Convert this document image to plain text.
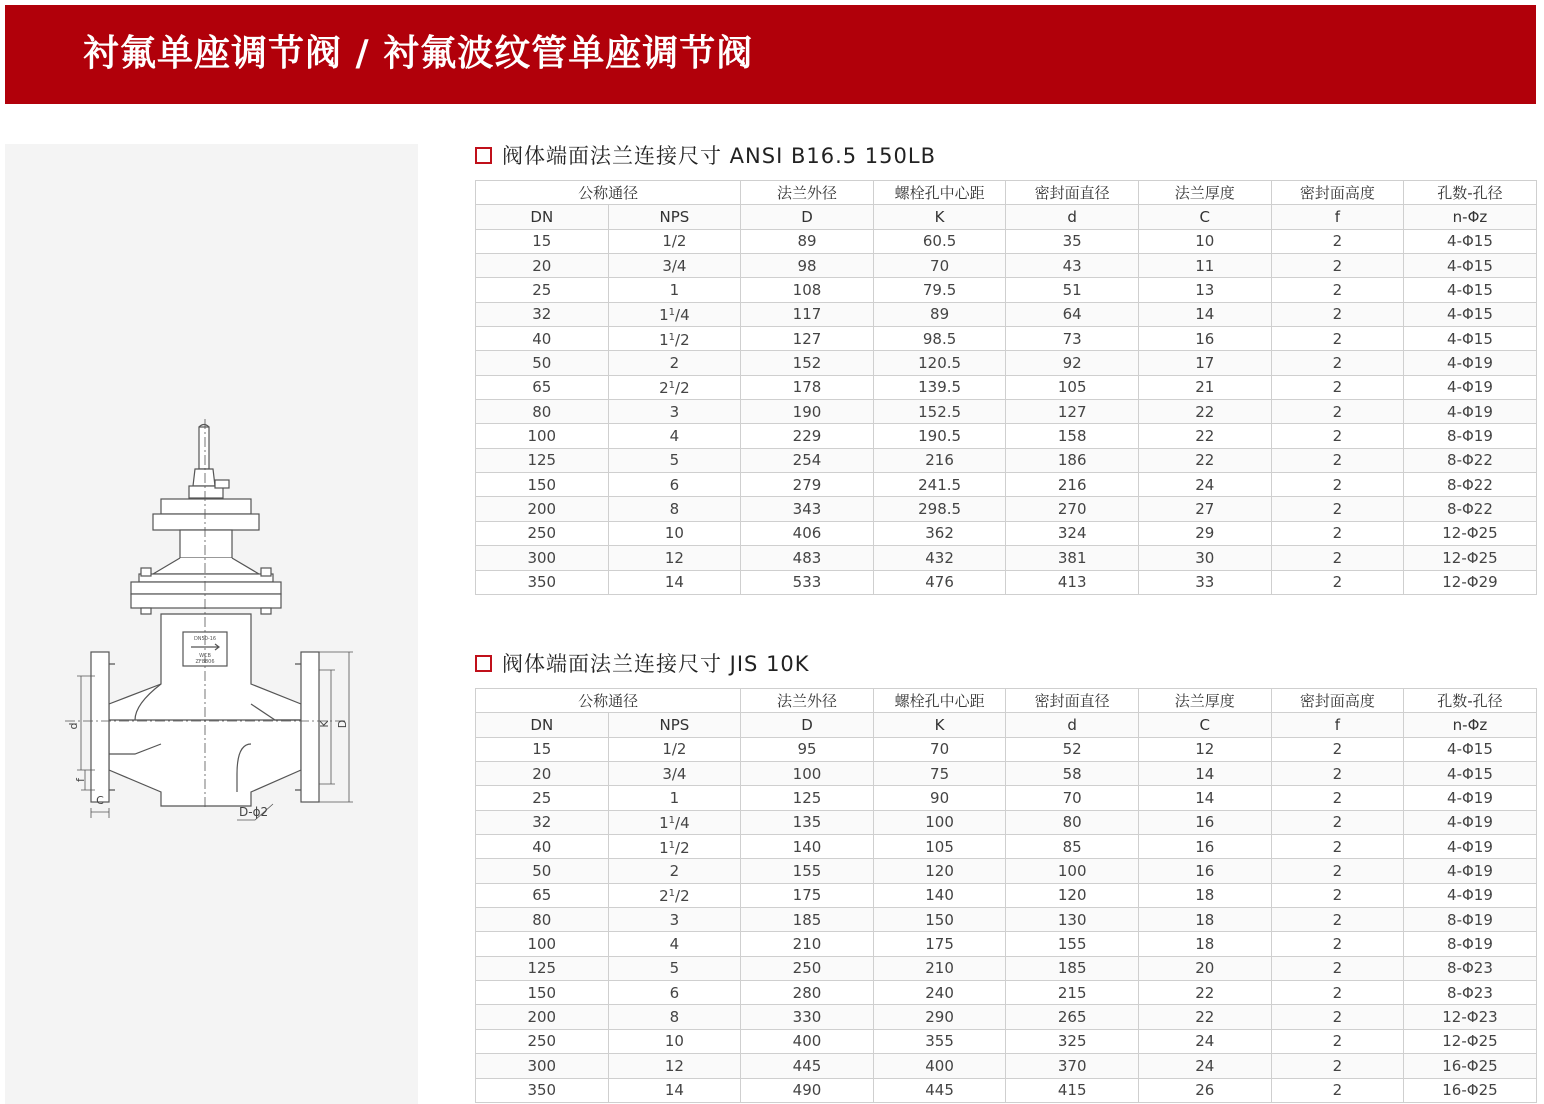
衬氟单座调节阀 / 衬氟波纹管单座调节阀
DN50-16
WCB
ZF8806
d
f
C
K D
D-ϕ2
阀体端面法兰连接尺寸 ANSI B16.5 150LB
公称通径		法兰外径	螺栓孔中心距	密封面直径	法兰厚度	密封面高度	孔数-孔径
DN	NPS	D	K	d	C	f	n-Φz
15	1/2	89	60.5	35	10	2	4-Φ15
20	3/4	98	70	43	11	2	4-Φ15
25	1	108	79.5	51	13	2	4-Φ15
32	$1^1/4$	117	89	64	14	2	4-Φ15
40	$1^1/2$	127	98.5	73	16	2	4-Φ15
50	2	152	120.5	92	17	2	4-Φ19
65	$2^1/2$	178	139.5	105	21	2	4-Φ19
80	3	190	152.5	127	22	2	4-Φ19
100	4	229	190.5	158	22	2	8-Φ19
125	5	254	216	186	22	2	8-Φ22
150	6	279	241.5	216	24	2	8-Φ22
200	8	343	298.5	270	27	2	8-Φ22
250	10	406	362	324	29	2	12-Φ25
300	12	483	432	381	30	2	12-Φ25
350	14	533	476	413	33	2	12-Φ29
阀体端面法兰连接尺寸 JIS 10K
公称通径		法兰外径	螺栓孔中心距	密封面直径	法兰厚度	密封面高度	孔数-孔径
DN	NPS	D	K	d	C	f	n-Φz
15	1/2	95	70	52	12	2	4-Φ15
20	3/4	100	75	58	14	2	4-Φ15
25	1	125	90	70	14	2	4-Φ19
32	$1^1/4$	135	100	80	16	2	4-Φ19
40	$1^1/2$	140	105	85	16	2	4-Φ19
50	2	155	120	100	16	2	4-Φ19
65	$2^1/2$	175	140	120	18	2	4-Φ19
80	3	185	150	130	18	2	8-Φ19
100	4	210	175	155	18	2	8-Φ19
125	5	250	210	185	20	2	8-Φ23
150	6	280	240	215	22	2	8-Φ23
200	8	330	290	265	22	2	12-Φ23
250	10	400	355	325	24	2	12-Φ25
300	12	445	400	370	24	2	16-Φ25
350	14	490	445	415	26	2	16-Φ25
